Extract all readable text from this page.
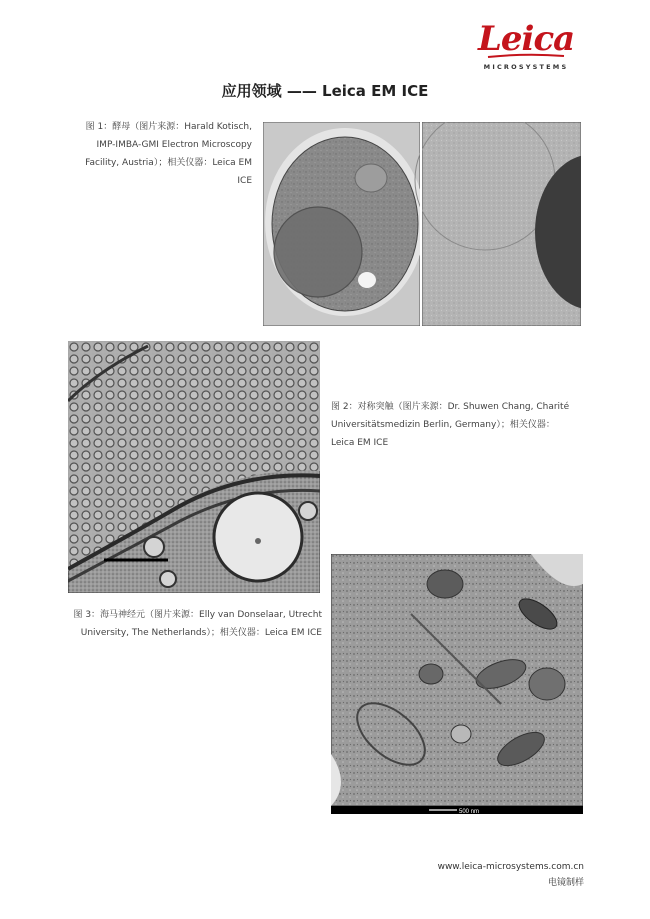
Leica
MICROSYSTEMS
应用领域 —— Leica EM ICE
图 1：酵母（图片来源：Harald Kotisch,
IMP-IMBA-GMI Electron Microscopy
Facility, Austria）；相关仪器：Leica EM
ICE
图 2：对称突触（图片来源：Dr. Shuwen Chang, Charité
Universitätsmedizin Berlin, Germany）；相关仪器：
Leica EM ICE
图 3：海马神经元（图片来源：Elly van Donselaar, Utrecht
University, The Netherlands）；相关仪器：Leica EM ICE
500 nm
www.leica-microsystems.com.cn
电镜制样
